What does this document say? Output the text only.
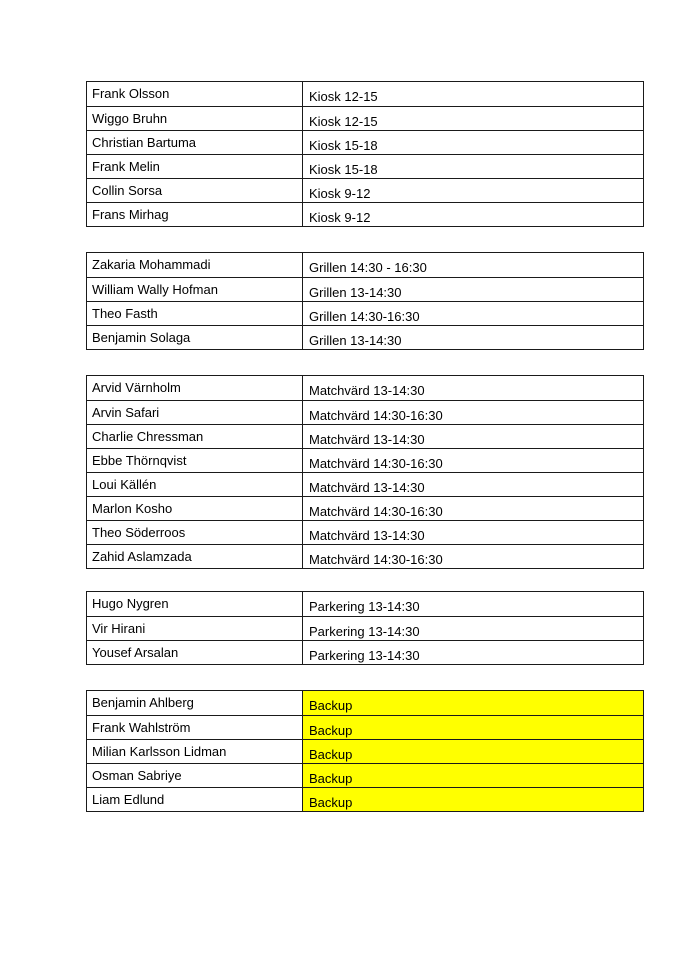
Frank Olsson	Kiosk 12-15
Wiggo Bruhn	Kiosk 12-15
Christian Bartuma	Kiosk 15-18
Frank Melin	Kiosk 15-18
Collin Sorsa	Kiosk 9-12
Frans Mirhag	Kiosk 9-12
Zakaria Mohammadi	Grillen 14:30 - 16:30
William Wally Hofman	Grillen 13-14:30
Theo Fasth	Grillen 14:30-16:30
Benjamin Solaga	Grillen 13-14:30
Arvid Värnholm	Matchvärd 13-14:30
Arvin Safari	Matchvärd 14:30-16:30
Charlie Chressman	Matchvärd 13-14:30
Ebbe Thörnqvist	Matchvärd 14:30-16:30
Loui Källén	Matchvärd 13-14:30
Marlon Kosho	Matchvärd 14:30-16:30
Theo Söderroos	Matchvärd 13-14:30
Zahid Aslamzada	Matchvärd 14:30-16:30
Hugo Nygren	Parkering 13-14:30
Vir Hirani	Parkering 13-14:30
Yousef Arsalan	Parkering 13-14:30
Benjamin Ahlberg	Backup
Frank Wahlström	Backup
Milian Karlsson Lidman	Backup
Osman Sabriye	Backup
Liam Edlund	Backup
